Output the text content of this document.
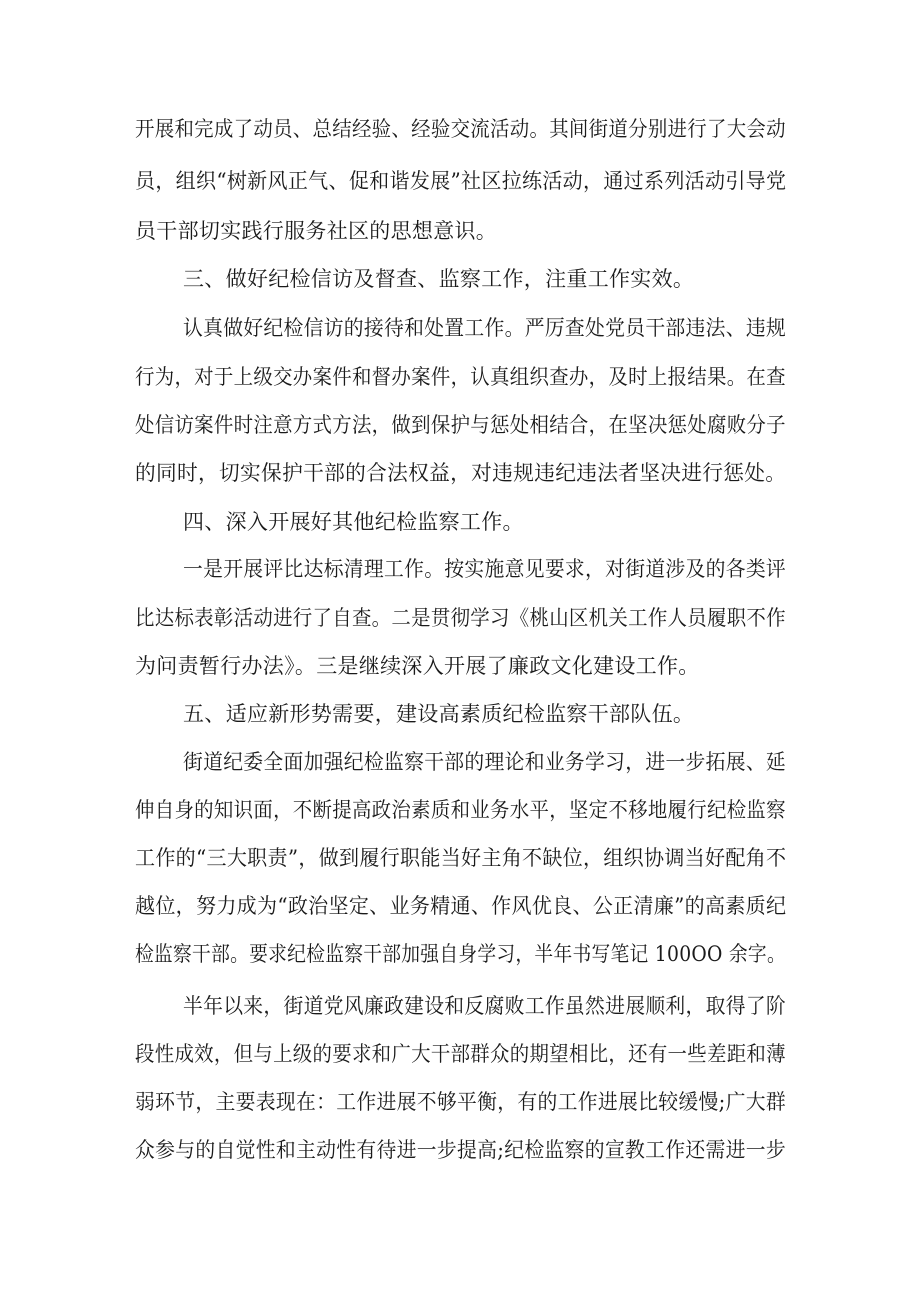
开展和完成了动员、总结经验、经验交流活动。其间街道分别进行了大会动
员，组织“树新风正气、促和谐发展”社区拉练活动，通过系列活动引导党
员干部切实践行服务社区的思想意识。
三、做好纪检信访及督查、监察工作，注重工作实效。
认真做好纪检信访的接待和处置工作。严厉查处党员干部违法、违规
行为，对于上级交办案件和督办案件，认真组织查办，及时上报结果。在查
处信访案件时注意方式方法，做到保护与惩处相结合，在坚决惩处腐败分子
的同时，切实保护干部的合法权益，对违规违纪违法者坚决进行惩处。
四、深入开展好其他纪检监察工作。
一是开展评比达标清理工作。按实施意见要求，对街道涉及的各类评
比达标表彰活动进行了自查。二是贯彻学习《桃山区机关工作人员履职不作
为问责暂行办法》。三是继续深入开展了廉政文化建设工作。
五、适应新形势需要，建设高素质纪检监察干部队伍。
街道纪委全面加强纪检监察干部的理论和业务学习，进一步拓展、延
伸自身的知识面，不断提高政治素质和业务水平，坚定不移地履行纪检监察
工作的“三大职责”，做到履行职能当好主角不缺位，组织协调当好配角不
越位，努力成为“政治坚定、业务精通、作风优良、公正清廉”的高素质纪
检监察干部。要求纪检监察干部加强自身学习，半年书写笔记 100OO 余字。
半年以来，街道党风廉政建设和反腐败工作虽然进展顺利，取得了阶
段性成效，但与上级的要求和广大干部群众的期望相比，还有一些差距和薄
弱环节，主要表现在：工作进展不够平衡，有的工作进展比较缓慢;广大群
众参与的自觉性和主动性有待进一步提高;纪检监察的宣教工作还需进一步
